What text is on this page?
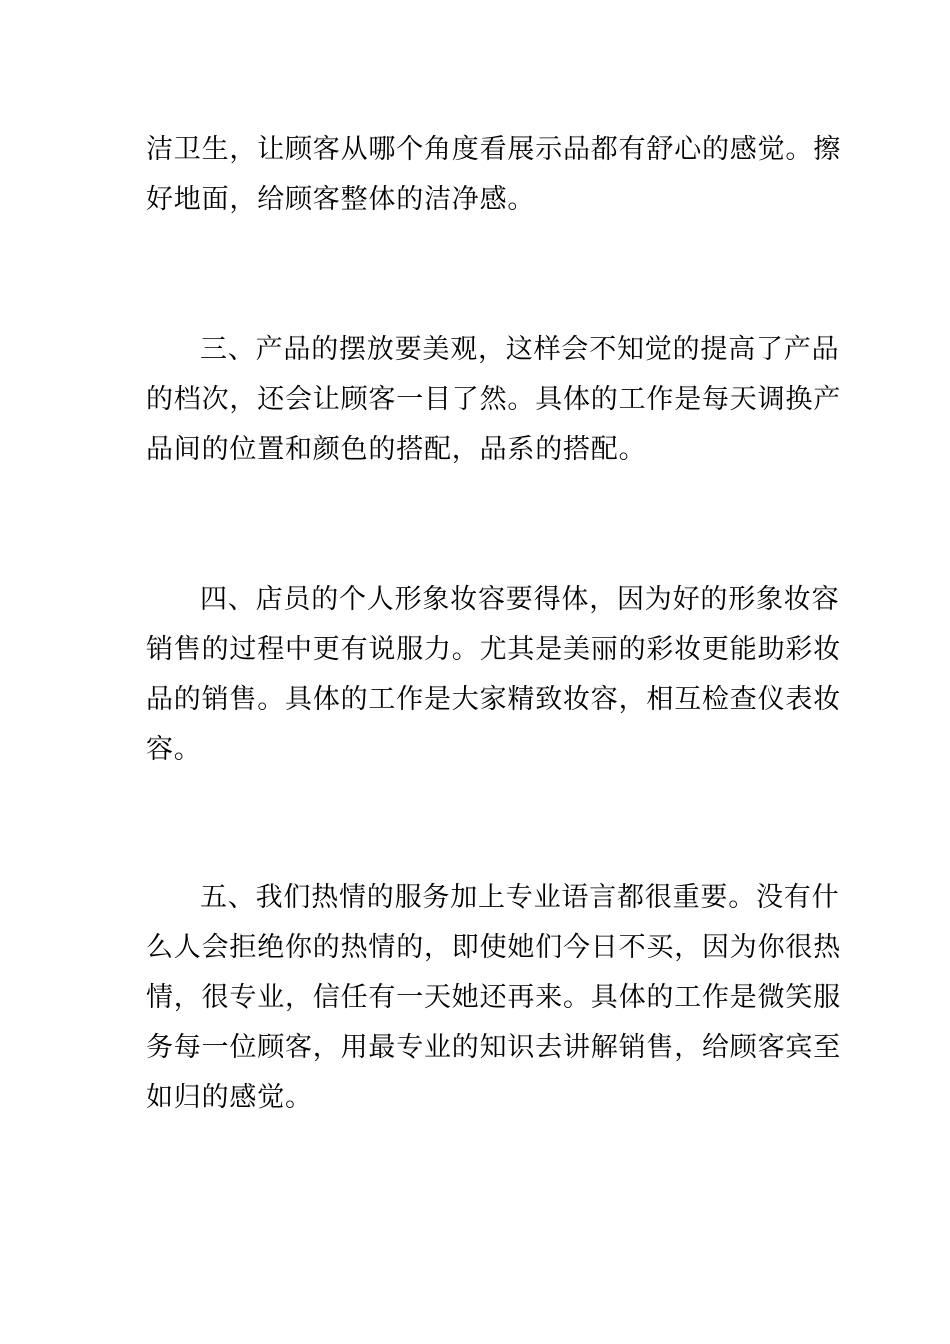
洁卫生，让顾客从哪个角度看展示品都有舒心的感觉。擦
好地面，给顾客整体的洁净感。
三、产品的摆放要美观，这样会不知觉的提高了产品
的档次，还会让顾客一目了然。具体的工作是每天调换产
品间的位置和颜色的搭配，品系的搭配。
四、店员的个人形象妆容要得体，因为好的形象妆容
销售的过程中更有说服力。尤其是美丽的彩妆更能助彩妆
品的销售。具体的工作是大家精致妆容，相互检查仪表妆
容。
五、我们热情的服务加上专业语言都很重要。没有什
么人会拒绝你的热情的，即使她们今日不买，因为你很热
情，很专业，信任有一天她还再来。具体的工作是微笑服
务每一位顾客，用最专业的知识去讲解销售，给顾客宾至
如归的感觉。
